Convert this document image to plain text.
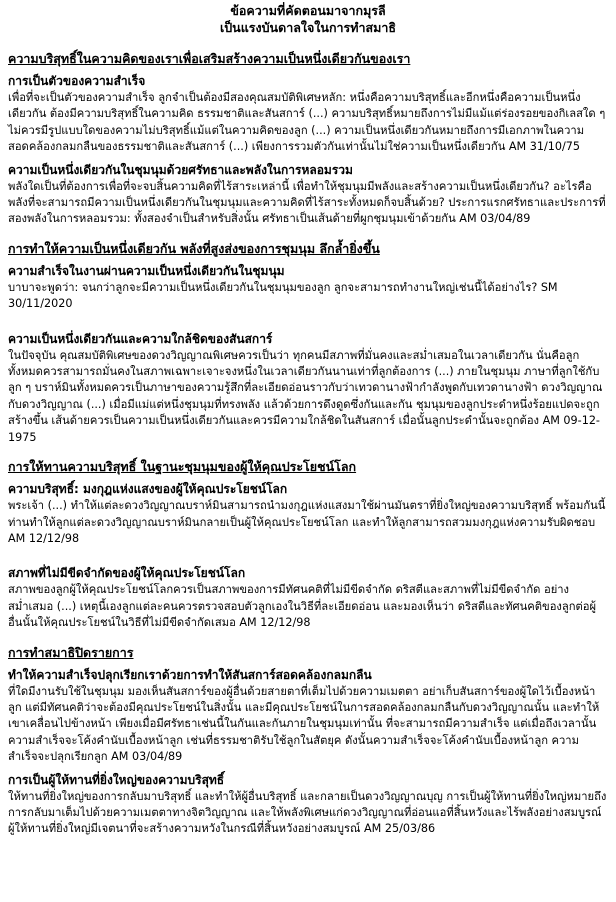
ข้อความที่คัดตอนมาจากมุรลี
เป็นแรงบันดาลใจในการทำสมาธิ
ความบริสุทธิ์ในความคิดของเราเพื่อเสริมสร้างความเป็นหนึ่งเดียวกันของเรา
การเป็นตัวของความสำเร็จ
เพื่อที่จะเป็นตัวของความสำเร็จ ลูกจำเป็นต้องมีสองคุณสมบัติพิเศษหลัก: หนึ่งคือความบริสุทธิ์และอีกหนึ่งคือความเป็นหนึ่งเดียวกัน ต้องมีความบริสุทธิ์ในความคิด ธรรมชาติและสันสการ์ (...) ความบริสุทธิ์หมายถึงการไม่มีแม้แต่ร่องรอยของกิเลสใด ๆ ไม่ควรมีรูปแบบใดของความไม่บริสุทธิ์แม้แต่ในความคิดของลูก (...) ความเป็นหนึ่งเดียวกันหมายถึงการมีเอกภาพในความสอดคล้องกลมกลืนของธรรมชาติและสันสการ์ (...) เพียงการรวมตัวกันเท่านั้นไม่ใช่ความเป็นหนึ่งเดียวกัน AM 31/10/75
ความเป็นหนึ่งเดียวกันในชุมนุมด้วยศรัทธาและพลังในการหลอมรวม
พลังใดเป็นที่ต้องการเพื่อที่จะจบสิ้นความคิดที่ไร้สาระเหล่านี้ เพื่อทำให้ชุมนุมมีพลังและสร้างความเป็นหนึ่งเดียวกัน? อะไรคือพลังที่จะสามารถมีความเป็นหนึ่งเดียวกันในชุมนุมและความคิดที่ไร้สาระทั้งหมดก็จบสิ้นด้วย? ประการแรกศรัทธาและประการที่สองพลังในการหลอมรวม: ทั้งสองจำเป็นสำหรับสิ่งนั้น ศรัทธาเป็นเส้นด้ายที่ผูกชุมนุมเข้าด้วยกัน AM 03/04/89
การทำให้ความเป็นหนึ่งเดียวกัน พลังที่สูงส่งของการชุมนุม ลึกล้ำยิ่งขึ้น
ความสำเร็จในงานผ่านความเป็นหนึ่งเดียวกันในชุมนุม
บาบาจะพูดว่า: จนกว่าลูกจะมีความเป็นหนึ่งเดียวกันในชุมนุมของลูก ลูกจะสามารถทำงานใหญ่เช่นนี้ได้อย่างไร? SM 30/11/2020
ความเป็นหนึ่งเดียวกันและความใกล้ชิดของสันสการ์
ในปัจจุบัน คุณสมบัติพิเศษของดวงวิญญาณพิเศษควรเป็นว่า ทุกคนมีสภาพที่มั่นคงและสม่ำเสมอในเวลาเดียวกัน นั่นคือลูกทั้งหมดควรสามารถมั่นคงในสภาพเฉพาะเจาะจงหนึ่งในเวลาเดียวกันนานเท่าที่ลูกต้องการ (...) ภายในชุมนุม ภาษาที่ลูกใช้กับลูก ๆ บราห์มินทั้งหมดควรเป็นภาษาของความรู้สึกที่ละเอียดอ่อนราวกับว่าเทวดานางฟ้ากำลังพูดกับเทวดานางฟ้า ดวงวิญญาณกับดวงวิญญาณ (...) เมื่อมีแม่แต่หนึ่งชุมนุมที่ทรงพลัง แล้วด้วยการดึงดูดซึ่งกันและกัน ชุมนุมของลูกประดำหนึ่งร้อยแปดจะถูกสร้างขึ้น เส้นด้ายควรเป็นความเป็นหนึ่งเดียวกันและควรมีความใกล้ชิดในสันสการ์ เมื่อนั้นลูกประดำนั้นจะถูกต้อง AM 09-12-1975
การให้ทานความบริสุทธิ์ ในฐานะชุมนุมของผู้ให้คุณประโยชน์โลก
ความบริสุทธิ์: มงกุฎแห่งแสงของผู้ให้คุณประโยชน์โลก
พระเจ้า (...) ทำให้แต่ละดวงวิญญาณบราห์มินสามารถนำมงกุฎแห่งแสงมาใช้ผ่านมันตราที่ยิ่งใหญ่ของความบริสุทธิ์ พร้อมกันนี้ท่านทำให้ลูกแต่ละดวงวิญญาณบราห์มินกลายเป็นผู้ให้คุณประโยชน์โลก และทำให้ลูกสามารถสวมมงกุฎแห่งความรับผิดชอบ AM 12/12/98
สภาพที่ไม่มีขีดจำกัดของผู้ให้คุณประโยชน์โลก
สภาพของลูกผู้ให้คุณประโยชน์โลกควรเป็นสภาพของการมีทัศนคติที่ไม่มีขีดจำกัด ดริสตีและสภาพที่ไม่มีขีดจำกัด อย่างสม่ำเสมอ (...) เหตุนี้เองลูกแต่ละคนควรตรวจสอบตัวลูกเองในวิธีที่ละเอียดอ่อน และมองเห็นว่า ดริสตีและทัศนคติของลูกต่อผู้อื่นนั้นให้คุณประโยชน์ในวิธีที่ไม่มีขีดจำกัดเสมอ AM 12/12/98
การทำสมาธิปิดรายการ
ทำให้ความสำเร็จปลุกเรียกเราด้วยการทำให้สันสการ์สอดคล้องกลมกลืน
ที่ใดมีงานรับใช้ในชุมนุม มองเห็นสันสการ์ของผู้อื่นด้วยสายตาที่เต็มไปด้วยความเมตตา อย่าเก็บสันสการ์ของผู้ใดไว้เบื้องหน้าลูก แต่มีทัศนคติว่าจะต้องมีคุณประโยชน์ในสิ่งนั้น และมีคุณประโยชน์ในการสอดคล้องกลมกลืนกับดวงวิญญาณนั้น และทำให้เขาเคลื่อนไปข้างหน้า เพียงเมื่อมีศรัทธาเช่นนี้ในกันและกันภายในชุมนุมเท่านั้น ที่จะสามารถมีความสำเร็จ แต่เมื่อถึงเวลานั้นความสำเร็จจะโค้งคำนับเบื้องหน้าลูก เช่นที่ธรรมชาติรับใช้ลูกในสัตยุค ดังนั้นความสำเร็จจะโค้งคำนับเบื้องหน้าลูก ความสำเร็จจะปลุกเรียกลูก AM 03/04/89
การเป็นผู้ให้ทานที่ยิ่งใหญ่ของความบริสุทธิ์
ให้ทานที่ยิ่งใหญ่ของการกลับมาบริสุทธิ์ และทำให้ผู้อื่นบริสุทธิ์ และกลายเป็นดวงวิญญาณบุญ การเป็นผู้ให้ทานที่ยิ่งใหญ่หมายถึงการกลับมาเต็มไปด้วยความเมตตาทางจิตวิญญาณ และให้พลังพิเศษแก่ดวงวิญญาณที่อ่อนแอที่สิ้นหวังและไร้พลังอย่างสมบูรณ์ ผู้ให้ทานที่ยิ่งใหญ่มีเจตนาที่จะสร้างความหวังในกรณีที่สิ้นหวังอย่างสมบูรณ์ AM 25/03/86
